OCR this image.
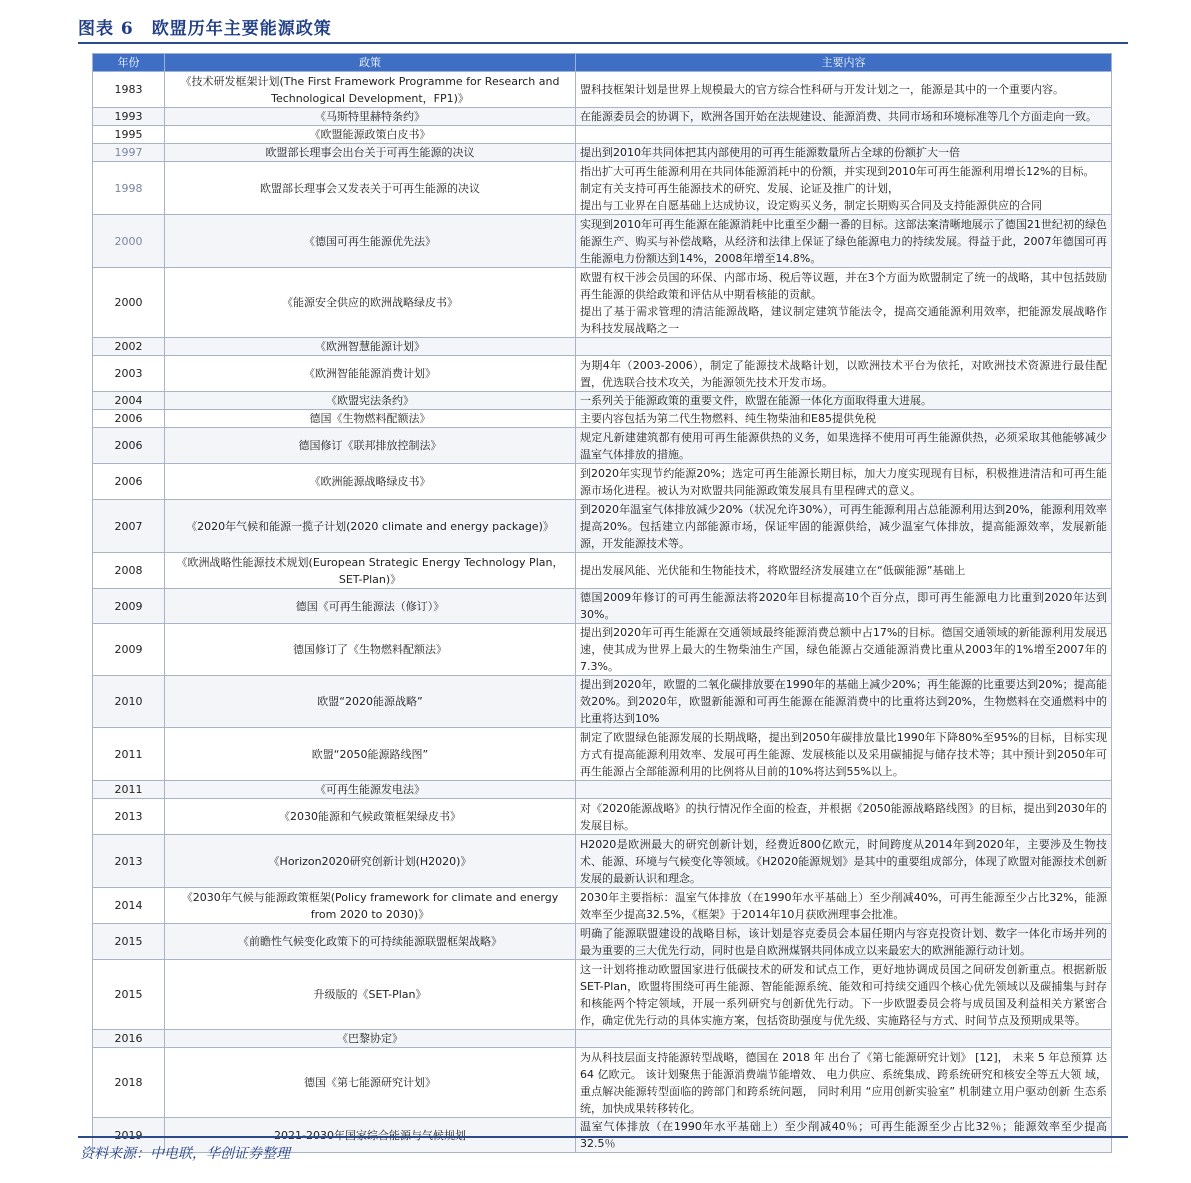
图表 6　欧盟历年主要能源政策
年份	政策	主要内容
1983	《技术研发框架计划(The First Framework Programme for Research and Technological Development，FP1)》	盟科技框架计划是世界上规模最大的官方综合性科研与开发计划之一，能源是其中的一个重要内容。
1993	《马斯特里赫特条约》	在能源委员会的协调下，欧洲各国开始在法规建设、能源消费、共同市场和环境标准等几个方面走向一致。
1995	《欧盟能源政策白皮书》	
1997	欧盟部长理事会出台关于可再生能源的决议	提出到2010年共同体把其内部使用的可再生能源数量所占全球的份额扩大一倍
1998	欧盟部长理事会又发表关于可再生能源的决议	指出扩大可再生能源利用在共同体能源消耗中的份额，并实现到2010年可再生能源利用增长12%的目标。
制定有关支持可再生能源技术的研究、发展、论证及推广的计划，
提出与工业界在自愿基础上达成协议，设定购买义务，制定长期购买合同及支持能源供应的合同
2000	《德国可再生能源优先法》	实现到2010年可再生能源在能源消耗中比重至少翻一番的目标。这部法案清晰地展示了德国21世纪初的绿色能源生产、购买与补偿战略，从经济和法律上保证了绿色能源电力的持续发展。得益于此，2007年德国可再生能源电力份额达到14%，2008年增至14.8%。
2000	《能源安全供应的欧洲战略绿皮书》	欧盟有权干涉会员国的环保、内部市场、税后等议题，并在3个方面为欧盟制定了统一的战略，其中包括鼓励再生能源的供给政策和评估从中期看核能的贡献。
提出了基于需求管理的清洁能源战略，建议制定建筑节能法令，提高交通能源利用效率，把能源发展战略作为科技发展战略之一
2002	《欧洲智慧能源计划》	
2003	《欧洲智能能源消费计划》	为期4年（2003-2006），制定了能源技术战略计划，以欧洲技术平台为依托，对欧洲技术资源进行最佳配置，优选联合技术攻关，为能源领先技术开发市场。
2004	《欧盟宪法条约》	一系列关于能源政策的重要文件，欧盟在能源一体化方面取得重大进展。
2006	德国《生物燃料配额法》	主要内容包括为第二代生物燃料、纯生物柴油和E85提供免税
2006	德国修订《联邦排放控制法》	规定凡新建建筑都有使用可再生能源供热的义务，如果选择不使用可再生能源供热，必须采取其他能够减少温室气体排放的措施。
2006	《欧洲能源战略绿皮书》	到2020年实现节约能源20%；选定可再生能源长期目标，加大力度实现现有目标，积极推进清洁和可再生能源市场化进程。被认为对欧盟共同能源政策发展具有里程碑式的意义。
2007	《2020年气候和能源一揽子计划(2020 climate and energy package)》	到2020年温室气体排放减少20%（状况允许30%），可再生能源利用占总能源利用达到20%，能源利用效率提高20%。包括建立内部能源市场，保证牢固的能源供给，减少温室气体排放，提高能源效率，发展新能源，开发能源技术等。
2008	《欧洲战略性能源技术规划(European Strategic Energy Technology Plan，SET-Plan)》	提出发展风能、光伏能和生物能技术，将欧盟经济发展建立在“低碳能源”基础上
2009	德国《可再生能源法（修订）》	德国2009年修订的可再生能源法将2020年目标提高10个百分点，即可再生能源电力比重到2020年达到30%。
2009	德国修订了《生物燃料配额法》	提出到2020年可再生能源在交通领域最终能源消费总额中占17%的目标。德国交通领域的新能源利用发展迅速，使其成为世界上最大的生物柴油生产国，绿色能源占交通能源消费比重从2003年的1%增至2007年的7.3%。
2010	欧盟“2020能源战略”	提出到2020年，欧盟的二氧化碳排放要在1990年的基础上减少20%；再生能源的比重要达到20%；提高能效20%。到2020年，欧盟新能源和可再生能源在能源消费中的比重将达到20%，生物燃料在交通燃料中的比重将达到10%
2011	欧盟“2050能源路线图”	制定了欧盟绿色能源发展的长期战略，提出到2050年碳排放量比1990年下降80%至95%的目标，目标实现方式有提高能源利用效率、发展可再生能源、发展核能以及采用碳捕捉与储存技术等；其中预计到2050年可再生能源占全部能源利用的比例将从目前的10%将达到55%以上。
2011	《可再生能源发电法》	
2013	《2030能源和气候政策框架绿皮书》	对《2020能源战略》的执行情况作全面的检查，并根据《2050能源战略路线图》的目标，提出到2030年的发展目标。
2013	《Horizon2020研究创新计划(H2020)》	H2020是欧洲最大的研究创新计划，经费近800亿欧元，时间跨度从2014年到2020年，主要涉及生物技术、能源、环境与气候变化等领域。《H2020能源规划》是其中的重要组成部分，体现了欧盟对能源技术创新发展的最新认识和理念。
2014	《2030年气候与能源政策框架(Policy framework for climate and energy from 2020 to 2030)》	2030年主要指标：温室气体排放（在1990年水平基础上）至少削减40%，可再生能源至少占比32%，能源效率至少提高32.5%，《框架》于2014年10月获欧洲理事会批准。
2015	《前瞻性气候变化政策下的可持续能源联盟框架战略》	明确了能源联盟建设的战略目标，该计划是容克委员会本届任期内与容克投资计划、数字一体化市场并列的最为重要的三大优先行动，同时也是自欧洲煤钢共同体成立以来最宏大的欧洲能源行动计划。
2015	升级版的《SET-Plan》	这一计划将推动欧盟国家进行低碳技术的研发和试点工作，更好地协调成员国之间研发创新重点。根据新版SET-Plan，欧盟将围绕可再生能源、智能能源系统、能效和可持续交通四个核心优先领域以及碳捕集与封存和核能两个特定领域，开展一系列研究与创新优先行动。下一步欧盟委员会将与成员国及利益相关方紧密合作，确定优先行动的具体实施方案，包括资助强度与优先级、实施路径与方式、时间节点及预期成果等。
2016	《巴黎协定》	
2018	德国《第七能源研究计划》	为从科技层面支持能源转型战略，德国在 2018 年 出台了《第七能源研究计划》 [12]， 未来 5 年总预算 达 64 亿欧元。 该计划聚焦于能源消费端节能增效、 电力供应、系统集成、跨系统研究和核安全等五大领 域， 重点解决能源转型面临的跨部门和跨系统问题， 同时利用 “应用创新实验室” 机制建立用户驱动创新 生态系统，加快成果转移转化。
2019	2021-2030年国家综合能源与气候规划	温室气体排放（在1990年水平基础上）至少削减40％；可再生能源至少占比32％；能源效率至少提高32.5％
资料来源：中电联，华创证券整理
